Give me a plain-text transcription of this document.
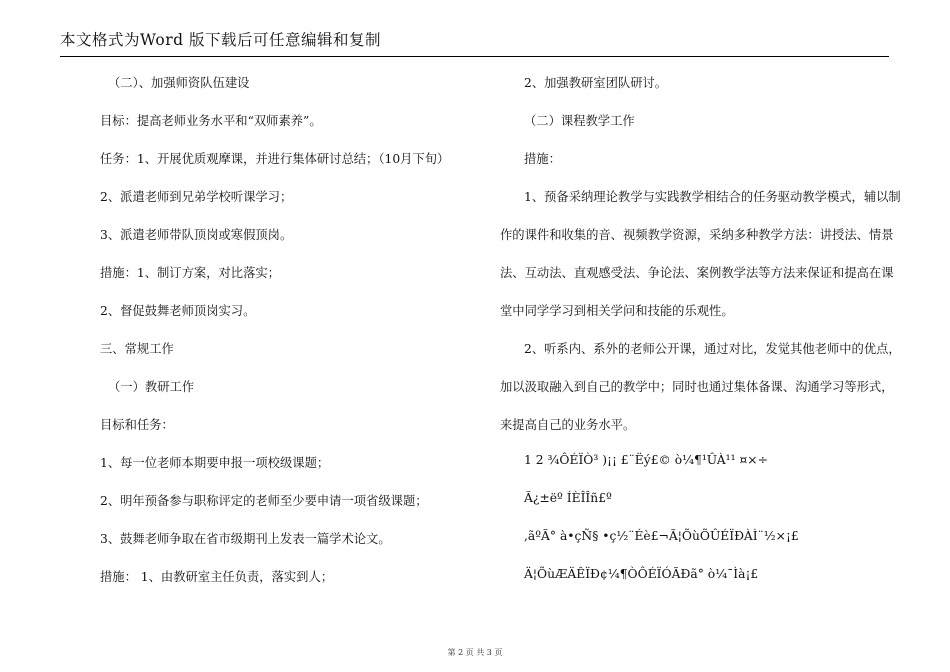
本文格式为Word 版下载后可任意编辑和复制

（二）、加强师资队伍建设

目标：提高老师业务水平和“双师素养”。

任务：1、开展优质观摩课，并进行集体研讨总结；（10月下旬）

2、派遣老师到兄弟学校听课学习；

3、派遣老师带队顶岗或寒假顶岗。

措施：1、制订方案，对比落实；

2、督促鼓舞老师顶岗实习。

三、常规工作

（一）教研工作

目标和任务：

1、每一位老师本期要申报一项校级课题；

2、明年预备参与职称评定的老师至少要申请一项省级课题；

3、鼓舞老师争取在省市级期刊上发表一篇学术论文。

措施： 1、由教研室主任负责，落实到人；

2、加强教研室团队研讨。

（二）课程教学工作

措施：

1、预备采纳理论教学与实践教学相结合的任务驱动教学模式，辅以制

作的课件和收集的音、视频教学资源，采纳多种教学方法：讲授法、情景

法、互动法、直观感受法、争论法、案例教学法等方法来保证和提高在课

堂中同学学习到相关学问和技能的乐观性。

2、听系内、系外的老师公开课，通过对比，发觉其他老师中的优点，

加以汲取融入到自己的教学中；同时也通过集体备课、沟通学习等形式，

来提高自己的业务水平。

1 2 ¾ÔÉÏÒ³ )¡¡ £¨Ëý£© ò¼¶¹ÛÀ¹¹ ¤×÷

Ã¿±ëº ÍÈÎÎñ£º

,ãºÃ° à•çÑ§ •ç½¨Éè£¬Ã¦ÕùÕÛÉÏÐÀÌ¨½×¡£

Ä¦ÕùÆÄÊÏÐ¢¼¶ÒÔÉÏÓÃÐã° ò¼¯Ìà¡£

第 2 页 共 3 页
